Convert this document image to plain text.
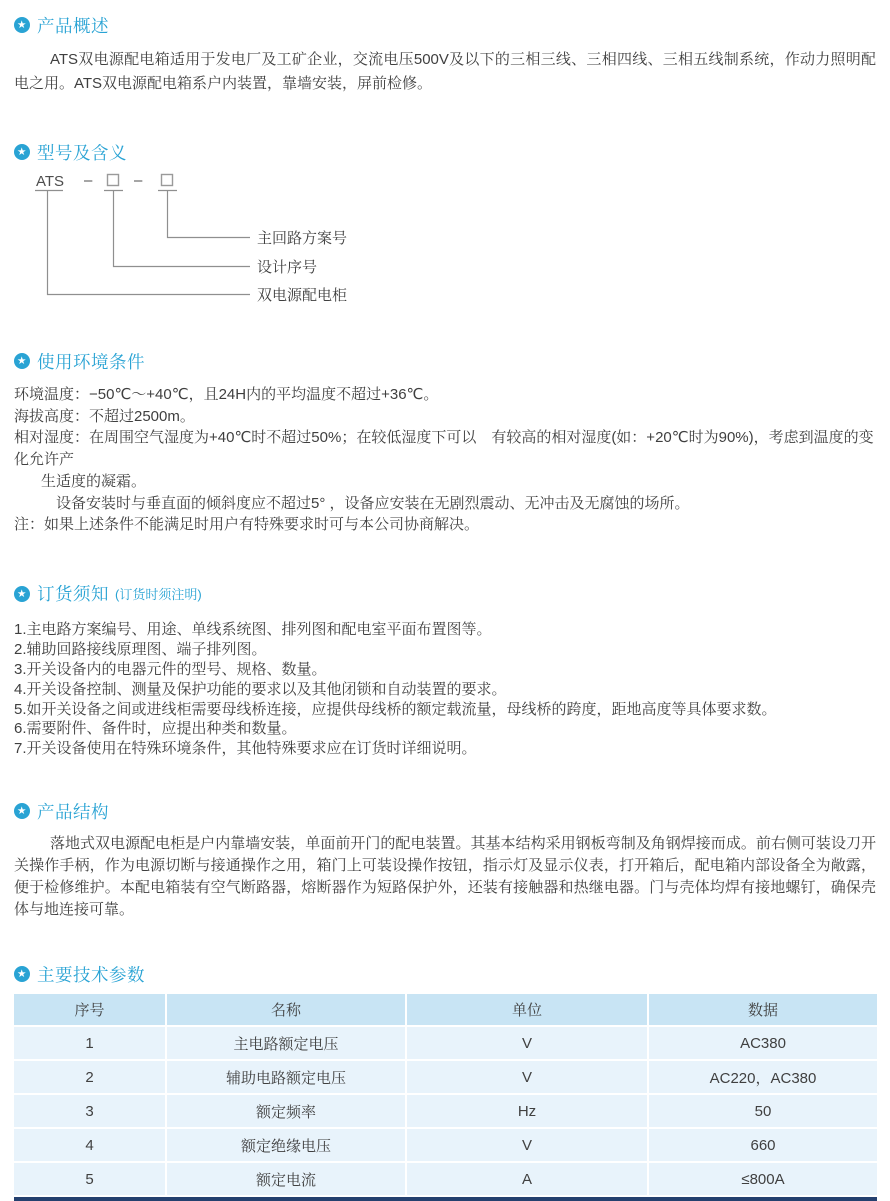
★ 产品概述

ATS双电源配电箱适用于发电厂及工矿企业，交流电压500V及以下的三相三线、三相四线、三相五线制系统，作动力照明配电之用。ATS双电源配电箱系户内装置，靠墙安装，屏前检修。

★ 型号及含义
ATS –	–
主回路方案号
设计序号
双电源配电柜
★ 使用环境条件
环境温度：−50℃～+40℃，且24H内的平均温度不超过+36℃。
海拔高度：不超过2500m。
相对湿度：在周围空气湿度为+40℃时不超过50%；在较低湿度下可以　有较高的相对湿度(如：+20℃时为90%)，考虑到温度的变化允许产
生适度的凝霜。
设备安装时与垂直面的倾斜度应不超过5° ，设备应安装在无剧烈震动、无冲击及无腐蚀的场所。
注：如果上述条件不能满足时用户有特殊要求时可与本公司协商解决。
★ 订货须知 (订货时须注明)
1.主电路方案编号、用途、单线系统图、排列图和配电室平面布置图等。
2.辅助回路接线原理图、端子排列图。
3.开关设备内的电器元件的型号、规格、数量。
4.开关设备控制、测量及保护功能的要求以及其他闭锁和自动装置的要求。
5.如开关设备之间或进线柜需要母线桥连接，应提供母线桥的额定载流量，母线桥的跨度，距地高度等具体要求数。
6.需要附件、备件时，应提出种类和数量。
7.开关设备使用在特殊环境条件，其他特殊要求应在订货时详细说明。
★ 产品结构

落地式双电源配电柜是户内靠墙安装，单面前开门的配电装置。其基本结构采用钢板弯制及角钢焊接而成。前右侧可装设刀开关操作手柄，作为电源切断与接通操作之用，箱门上可装设操作按钮，指示灯及显示仪表，打开箱后，配电箱内部设备全为敞露，便于检修维护。本配电箱装有空气断路器，熔断器作为短路保护外，还装有接触器和热继电器。门与壳体均焊有接地螺钉，确保壳体与地连接可靠。

★ 主要技术参数
序号	名称	单位	数据
1	主电路额定电压	V	AC380
2	辅助电路额定电压	V	AC220，AC380
3	额定频率	Hz	50
4	额定绝缘电压	V	660
5	额定电流	A	≤800A
